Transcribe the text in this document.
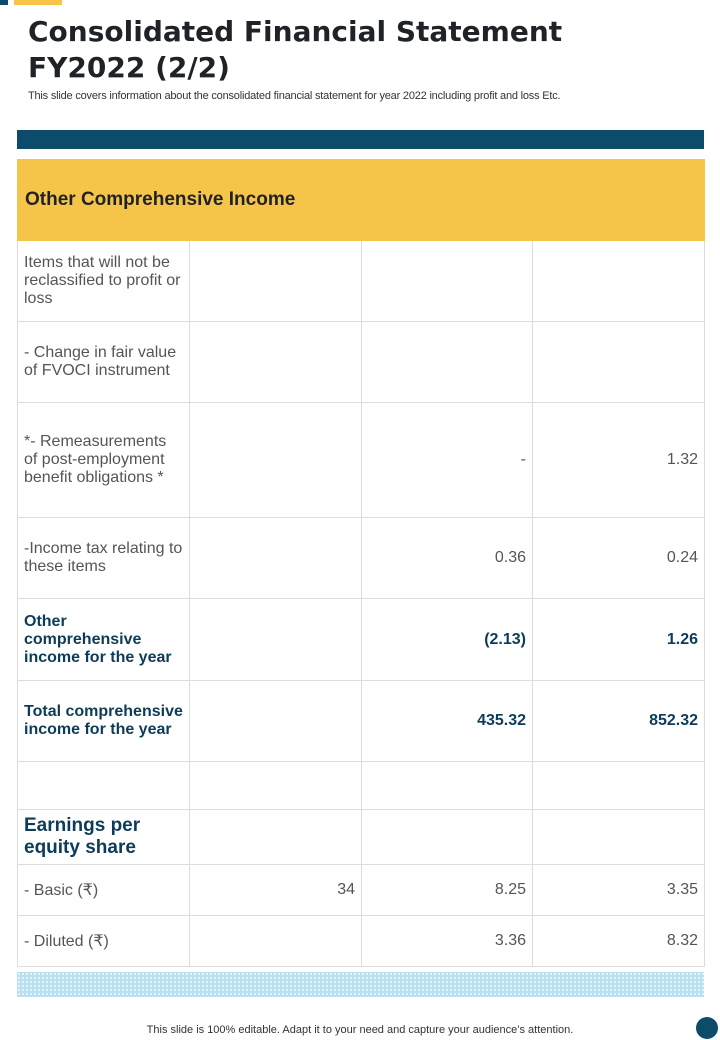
Consolidated Financial Statement FY2022 (2/2)
This slide covers information about the consolidated financial statement for year 2022 including profit and loss Etc.
Other Comprehensive Income			
Items that will not be reclassified to profit or loss			
- Change in fair value of FVOCI instrument			
*- Remeasurements of post-employment benefit obligations *		-	1.32
-Income tax relating to these items		0.36	0.24
Other comprehensive income for the year		(2.13)	1.26
Total comprehensive income for the year		435.32	852.32

Earnings per equity share			
- Basic (₹)	34	8.25	3.35
- Diluted (₹)		3.36	8.32
This slide is 100% editable. Adapt it to your need and capture your audience’s attention.
